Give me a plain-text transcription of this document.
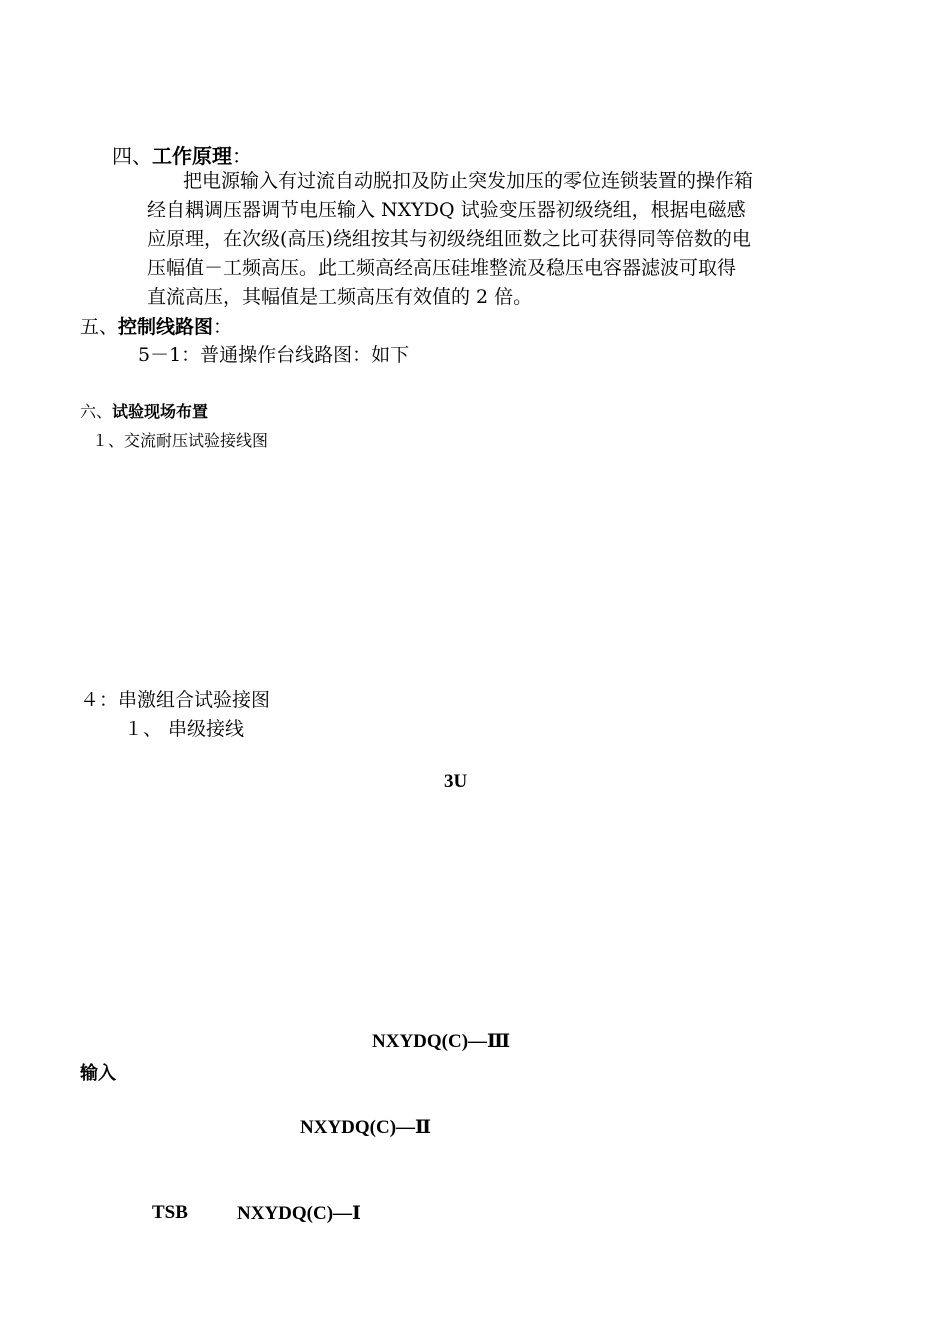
四、工作原理：

把电源输入有过流自动脱扣及防止突发加压的零位连锁装置的操作箱

经自耦调压器调节电压输入 NXYDQ 试验变压器初级绕组，根据电磁感

应原理，在次级(高压)绕组按其与初级绕组匝数之比可获得同等倍数的电

压幅值－工频高压。此工频高经高压硅堆整流及稳压电容器滤波可取得

直流高压，其幅值是工频高压有效值的 2 倍。

五、控制线路图：
5－1：普通操作台线路图：如下
六、试验现场布置
１、交流耐压试验接线图
４：串激组合试验接图
１、 串级接线
3U
NXYDQ(C)—Ⅲ
输入
NXYDQ(C)—Ⅱ
TSB	NXYDQ(C)—Ⅰ
